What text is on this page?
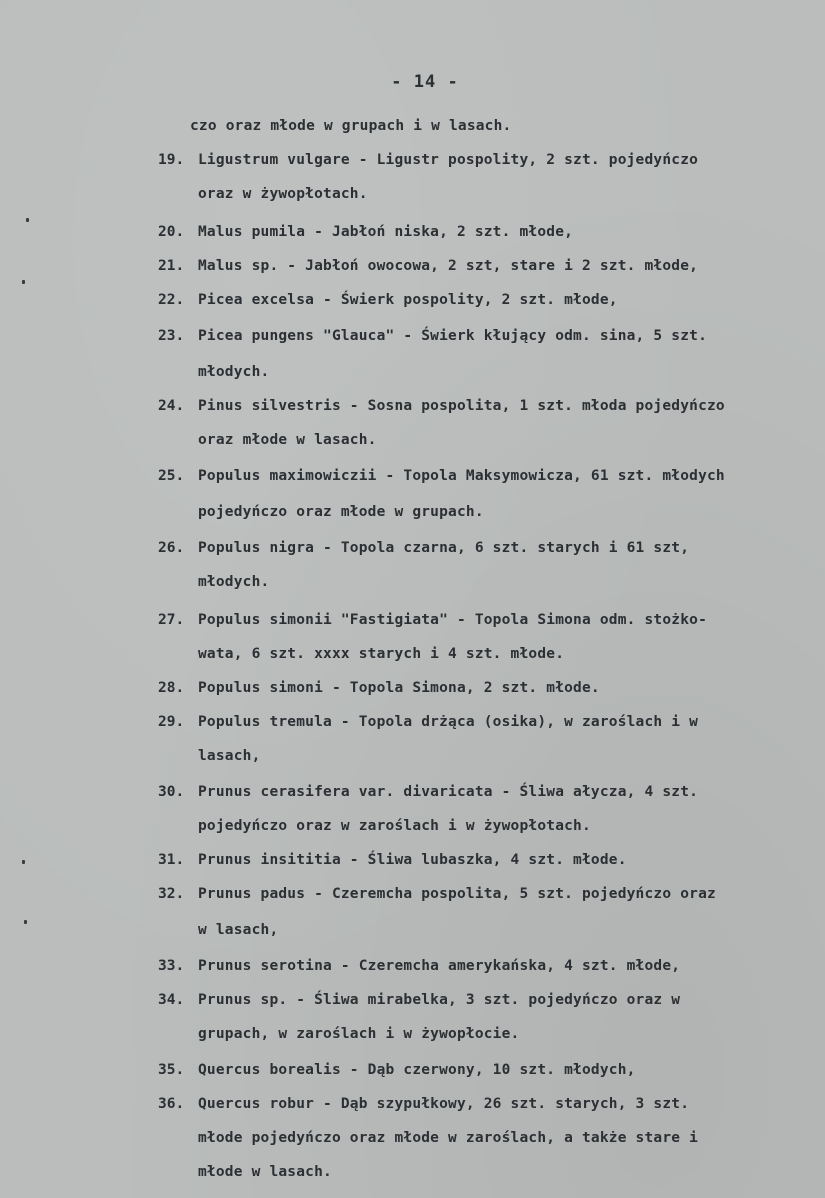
- 14 -
czo oraz młode w grupach i w lasach.
19. Ligustrum vulgare - Ligustr pospolity, 2 szt. pojedyńczo
oraz w żywopłotach.
20. Malus pumila - Jabłoń niska, 2 szt. młode,
21. Malus sp. - Jabłoń owocowa, 2 szt, stare i 2 szt. młode,
22. Picea excelsa - Świerk pospolity, 2 szt. młode,
23. Picea pungens "Glauca" - Świerk kłujący odm. sina, 5 szt.
młodych.
24. Pinus silvestris - Sosna pospolita, 1 szt. młoda pojedyńczo
oraz młode w lasach.
25. Populus maximowiczii - Topola Maksymowicza, 61 szt. młodych
pojedyńczo oraz młode w grupach.
26. Populus nigra - Topola czarna, 6 szt. starych i 61 szt,
młodych.
27. Populus simonii "Fastigiata" - Topola Simona odm. stożko-
wata, 6 szt. xxxx starych i 4 szt. młode.
28. Populus simoni - Topola Simona, 2 szt. młode.
29. Populus tremula - Topola drżąca (osika), w zaroślach i w
lasach,
30. Prunus cerasifera var. divaricata - Śliwa ałycza, 4 szt.
pojedyńczo oraz w zaroślach i w żywopłotach.
31. Prunus insititia - Śliwa lubaszka, 4 szt. młode.
32. Prunus padus - Czeremcha pospolita, 5 szt. pojedyńczo oraz
w lasach,
33. Prunus serotina - Czeremcha amerykańska, 4 szt. młode,
34. Prunus sp. - Śliwa mirabelka, 3 szt. pojedyńczo oraz w
grupach, w zaroślach i w żywopłocie.
35. Quercus borealis - Dąb czerwony, 10 szt. młodych,
36. Quercus robur - Dąb szypułkowy, 26 szt. starych, 3 szt.
młode pojedyńczo oraz młode w zaroślach, a także stare i
młode w lasach.
